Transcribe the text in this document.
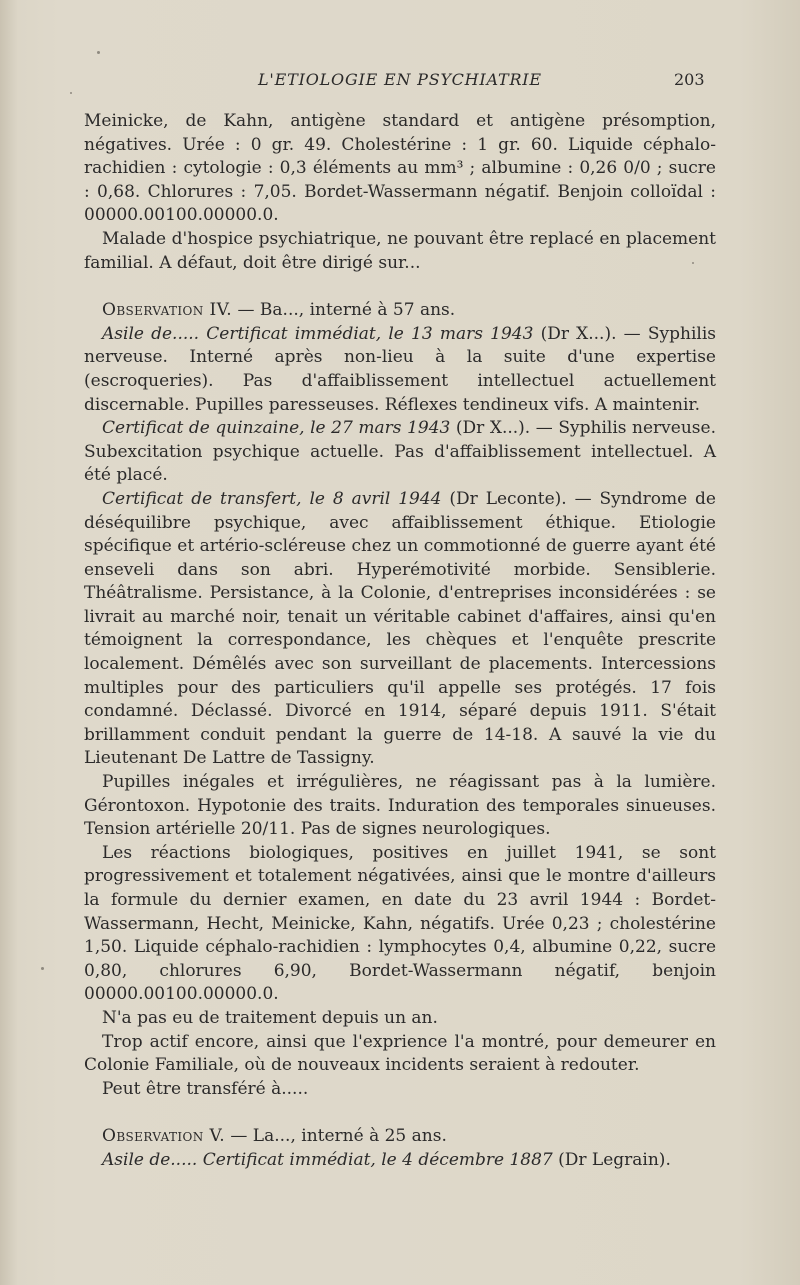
L'ETIOLOGIE EN PSYCHIATRIE	203

Meinicke, de Kahn, antigène standard et antigène présomption, négatives. Urée : 0 gr. 49. Cholestérine : 1 gr. 60. Liquide céphalo-rachidien : cytologie : 0,3 éléments au mm³ ; albumine : 0,26 0/0 ; sucre : 0,68. Chlorures : 7,05. Bordet-Wassermann négatif. Benjoin colloïdal : 00000.00100.00000.0.

Malade d'hospice psychiatrique, ne pouvant être replacé en placement familial. A défaut, doit être dirigé sur...

Observation IV. — Ba..., interné à 57 ans.

Asile de..... Certificat immédiat, le 13 mars 1943 (Dr X...). — Syphilis nerveuse. Interné après non-lieu à la suite d'une expertise (escroqueries). Pas d'affaiblissement intellectuel actuellement discernable. Pupilles paresseuses. Réflexes tendineux vifs. A maintenir.

Certificat de quinzaine, le 27 mars 1943 (Dr X...). — Syphilis nerveuse. Subexcitation psychique actuelle. Pas d'affaiblissement intellectuel. A été placé.

Certificat de transfert, le 8 avril 1944 (Dr Leconte). — Syndrome de déséquilibre psychique, avec affaiblissement éthique. Etiologie spécifique et artério-scléreuse chez un commotionné de guerre ayant été enseveli dans son abri. Hyperémotivité morbide. Sensiblerie. Théâtralisme. Persistance, à la Colonie, d'entreprises inconsidérées : se livrait au marché noir, tenait un véritable cabinet d'affaires, ainsi qu'en témoignent la correspondance, les chèques et l'enquête prescrite localement. Démêlés avec son surveillant de placements. Intercessions multiples pour des particuliers qu'il appelle ses protégés. 17 fois condamné. Déclassé. Divorcé en 1914, séparé depuis 1911. S'était brillamment conduit pendant la guerre de 14-18. A sauvé la vie du Lieutenant De Lattre de Tassigny.

Pupilles inégales et irrégulières, ne réagissant pas à la lumière. Gérontoxon. Hypotonie des traits. Induration des temporales sinueuses. Tension artérielle 20/11. Pas de signes neurologiques.

Les réactions biologiques, positives en juillet 1941, se sont progressivement et totalement négativées, ainsi que le montre d'ailleurs la formule du dernier examen, en date du 23 avril 1944 : Bordet-Wassermann, Hecht, Meinicke, Kahn, négatifs. Urée 0,23 ; cholestérine 1,50. Liquide céphalo-rachidien : lymphocytes 0,4, albumine 0,22, sucre 0,80, chlorures 6,90, Bordet-Wassermann négatif, benjoin 00000.00100.00000.0.

N'a pas eu de traitement depuis un an.

Trop actif encore, ainsi que l'exprience l'a montré, pour demeurer en Colonie Familiale, où de nouveaux incidents seraient à redouter.

Peut être transféré à.....

Observation V. — La..., interné à 25 ans.

Asile de..... Certificat immédiat, le 4 décembre 1887 (Dr Legrain).
